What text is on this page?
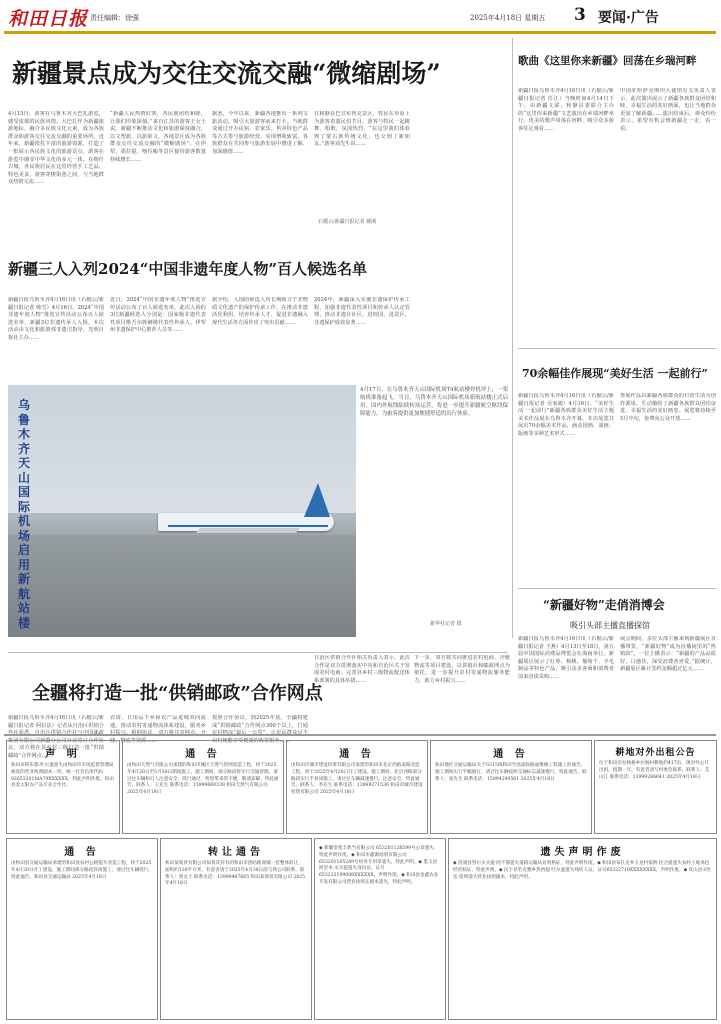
和田日报 责任编辑：徐强	2025年4月18日 星期五 3 要闻·广告
新疆景点成为交往交流交融“微缩剧场”
4月15日，游客在乌鲁木齐大巴扎游览，感受浓郁的民族风情。大巴扎作为新疆旅游地标，融合多民族文化元素，成为各族群众和游客交往交流交融的重要场所。近年来，新疆依托丰富的旅游资源，打造了一批展示各民族文化的旅游景点，游客在游览中感受中华文化的多元一体。在喀什古城，各民族居民在这里经营手工艺品、特色美食，游客穿梭街巷之间，与当地群众热情交流……
“新疆人民热情好客，各民族团结和睦，让我们印象深刻。”来自江苏的游客王女士说。新疆不断推动文化和旅游深度融合，以文塑旅、以旅彰文，各地景区成为各族群众交往交流交融的“微缩剧场”。在伊犁，那拉提、喀拉峻等景区接待游客数量持续增长……
据悉，今年以来，新疆各地推出一系列文旅活动，吸引大量游客前来打卡。当地群众通过开办民宿、农家乐、售卖特色产品等方式参与旅游经营，实现增收致富。各族群众在共同参与旅游发展中增进了解、加深感情……
在和静县巴音布鲁克景区，牧民在草原上为游客表演民俗节目，游客与牧民一起跳舞、唱歌，氛围热烈。“在这里我们体验到了蒙古族传统文化，也交到了新朋友。”游客刘先生说……
石榴云/新疆日报记者 姚刚
新疆三人入列2024“中国非遗年度人物”百人候选名单
新疆日报乌鲁木齐4月16日讯（石榴云/新疆日报记者 韩雪）4月16日，2024“中国非遗年度人物”推选宣传活动公布百人候选名单，新疆3位非遗传承人入围。本次活动由文化和旅游部非遗司指导，光明日报社主办……
近日，2024“中国非遗年度人物”推选宣传活动公布了百人候选名单。此次入围的3位新疆候选人分别是：国家级非遗代表性项目维吾尔族刺绣代表性传承人、伊犁州非遗保护中心推荐人员等……
据介绍，入围的候选人均长期致力于非物质文化遗产的保护传承工作，在推动非遗活化利用、培养传承人才、促进非遗融入现代生活等方面作出了突出贡献……
2024年，新疆深入实施非遗保护传承工程，加强非遗代表性项目和传承人认定管理，推动非遗在社区、进校园、进景区，非遗保护成效显著……
乌鲁木齐天山国际机场启用新航站楼
4月17日，在乌鲁木齐天山国际机场T4航站楼停机坪上，一架航班准备起飞。当日，乌鲁木齐天山国际机场新航站楼正式启用，国内外航线陆续转场运营，将进一步提升新疆航空枢纽保障能力，为旅客提供更加便捷舒适的出行体验。
新华社记者 摄
全疆将打造一批“供销邮政”合作网点
新疆日报乌鲁木齐4月16日讯（石榴云/新疆日报记者 阿拉法）记者从自治区供销合 集团有限公司新疆分公司日前签订合作协议，双方将在县乡村三级打造一批“供销邮政”合作网点……
农资、日用品下乡和农产品进城双向流通，推动农村寄递物流体系建设，服务乡 储、物流等资源……
按照合作协议，到2025年底，全疆将建成“供销邮政”合作网点300个以上，打通 出村便能享受便捷的收寄服务……
自治区供销合作社相关负责人表示，此次合作是双方贯彻落实中央和自治区关于发展农村电商、完善县乡村三级物流配送体系部署的具体举措……
下一步，双方将共同推进农村电商、冷链物流等项目建设，以供销社和邮政网点为依托，进一步提升农村寄递物流服务能力，助力乡村振兴……
歌曲《这里你来新疆》回荡在乡瑞河畔
新疆日报乌鲁木齐4月16日讯（石榴云/新疆日报记者 任江）当晚时间4月14日下午，由新疆文联、和静县委联合主办的“这里你来新疆”文艺演出在乡瑞河畔举行。优美的歌声回荡在河畔，吸引众多游客驻足观看……
中国驻哈萨克斯坦大使馆有关负责人表示，此次演出展示了新疆各族群众团结和睦、幸福生活的美好画面，也让当地群众更加了解新疆……演出结束后，观众纷纷表示，希望有机会到新疆走一走、看一看。
70余幅佳作展现“美好生活 一起前行”
新疆日报乌鲁木齐4月16日讯（石榴云/新疆日报记者 吴家敏）4月16日，“美好生活 一起前行”新疆各族群众美好生活主题美术作品展在乌鲁木齐开幕。本次展览共展出70余幅美术作品，涵盖国画、油画、版画等多种艺术形式……
参展作品以新疆各族群众的日常生活为创作源泉，生动描绘了新疆各族群众团结奋进、幸福生活的美好画卷。展览将持续至5月中旬，免费向公众开放……
“新疆好物”走俏消博会
吸引头部主播直播探馆
新疆日报乌鲁木齐4月16日讯（石榴云/新疆日报记者 王燕）4月13日至18日，第五届中国国际消费品博览会在海南举行。新疆展区展示了红枣、核桃、葡萄干、羊毛制品等特色产品，吸引众多客商和消费者前来洽谈采购……
展会期间，多位头部主播来到新疆展区直播带货，“新疆好物”成为直播间里的“热销款”。一位主播表示：“新疆的产品品质好、口感佳，深受消费者喜爱。”据统计，新疆展区累计签约金额超过亿元……
声 明
和田市阿布都·吐尔逊遗失由和田市市场监督管理局核发的营业执照副本一份，统一社会信用代码：92653201MA79XXXXXX，特此声明作废。和田县金太阳农产品专业合作社。
通 告
由和田天然气有限公司承建的和田市城区天然气管网改造工程，将于2025年4月20日至5月30日期间施工。施工期间，部分路段将实行交通管制，请过往车辆和行人注意安全，绕行通过，给您带来的不便，敬请谅解。特此通告。联系人：王先生 联系电话：15999660339 和田天然气有限公司 2025年4月18日
通 告
由和田市城市建设投资有限公司承建的和田市北京西路道路改造工程，将于2025年4月20日开工建设。施工期间，北京西路部分路段实行半封闭施工，请过往车辆减速慢行，注意安全。特此通告。联系人：李先生 联系电话：13999271536 和田市城市建设投资有限公司 2025年4月18日
通 告
和田地区交通运输局关于G315线和田至洛浦段路面维修工程施工的通告。施工期间实行半幅通行，请过往车辆按照交通标志减速慢行。特此通告。联系人：张先生 联系电话：15994299561 2025年4月18日
耕地对外出租公告
位于和田市拉杨格乡拉杨村耕地约417亩，现对外公开出租，租期一年，有意者请与村委会联系。联系人：艾山江 联系电话：13999286641 2025年4月18日
通 告
由和田县交通运输局承建的和田县农村公路提升改造工程，将于2025年4月20日开工建设，施工期间部分路段封闭施工，请过往车辆绕行。特此通告。和田县交通运输局 2025年4月18日
转让通告
和田某商贸有限公司拟将其持有的和田市团结路商铺一套整体转让，面积约120平方米。有意者请于2025年4月30日前与我公司联系。联系人：周女士 联系电话：13999467665 和田某商贸有限公司 2025年4月18日
◆ 新疆金苑丰典当有限公司 653201128599号公章遗失，特此声明作废。◆ 和田市鑫源商贸有限公司 653201105249号财务专用章遗失，特此声明。◆ 墨玉县阿里木·买买提遗失身份证，证号 653222199008XXXXXX，声明作废。◆ 和田县金鑫农业开发有限公司营业执照正副本遗失，特此声明。
遗失声明作废
◆ 洛浦县努尔买买提·阿不都遗失道路运输从业资格证，特此声明作废。◆ 和田县布扎克乡玉龙村依明·托合提遗失农村土地承包经营权证，特此声明。◆ 民丰县若克雅乡热西提·吐尔逊遗失残疾人证，证号65322719XXXXXXXX，声明作废。◆ 皮山县买吐送·依明遗失营业执照副本，特此声明。
